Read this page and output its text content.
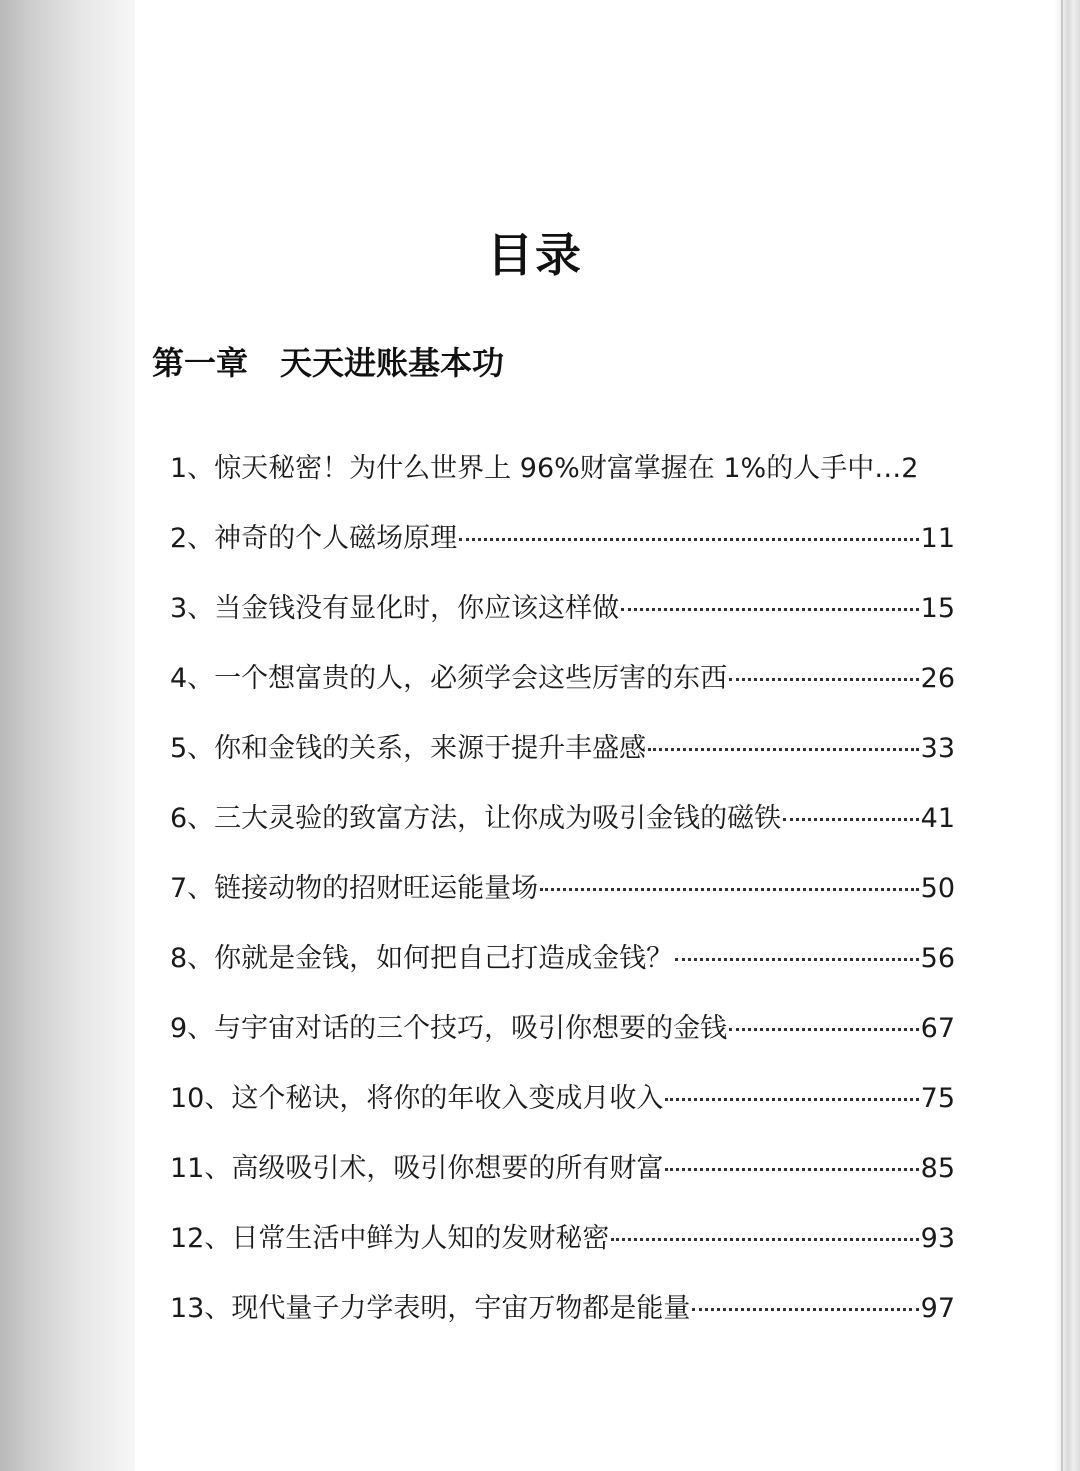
目录
第一章　天天进账基本功
1、惊天秘密！为什么世界上 96%财富掌握在 1%的人手中… 2
2、神奇的个人磁场原理	11
3、当金钱没有显化时，你应该这样做	15
4、一个想富贵的人，必须学会这些厉害的东西	26
5、你和金钱的关系，来源于提升丰盛感	33
6、三大灵验的致富方法，让你成为吸引金钱的磁铁	41
7、链接动物的招财旺运能量场	50
8、你就是金钱，如何把自己打造成金钱？	56
9、与宇宙对话的三个技巧，吸引你想要的金钱	67
10、这个秘诀，将你的年收入变成月收入	75
11、高级吸引术，吸引你想要的所有财富	85
12、日常生活中鲜为人知的发财秘密	93
13、现代量子力学表明，宇宙万物都是能量	97
